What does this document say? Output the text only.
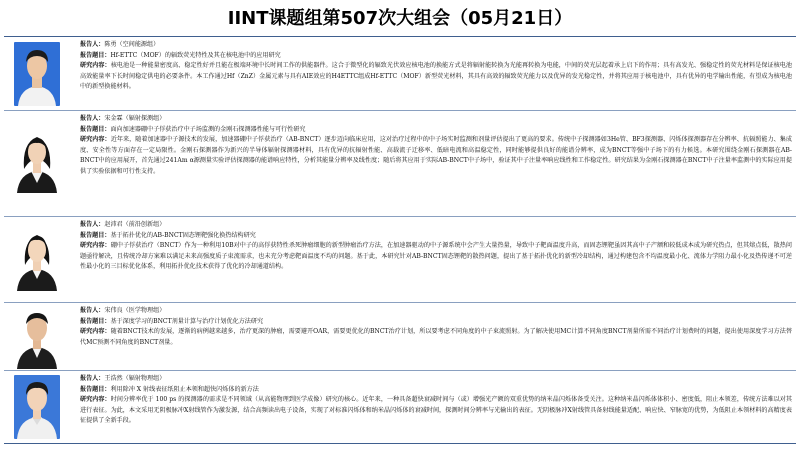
IINT课题组第507次大组会（05月21日）
报告人：陈勇（空间能源组）
报告题目：Hf-ETTC（MOF）的辐致荧光特性及其在核电池中的应用研究
研究内容：核电池是一种能量密度高、稳定性好并且能在极端环境中长时间工作的供能器件。这合于微型化的辐致光伏效应核电池的换能方式是将辐射能转换为光能再转换为电能，中间的荧光层起着承上启下的作用；具有高发光、强稳定性的荧光材料是保证核电池高效能量率下长时间稳定供电的必要条件。本工作通过Hf（ZnZ）金属元素与具有AIE效应的H4ETTC组成Hf-ETTC（MOF）新型荧光材料，其具有高效的辐致荧光能力以及优异的发光稳定性，并将其应用于核电池中，具有优异的电学输出性能，有望成为核电池中的新型换能材料。
报告人：宋金霖（辐射探测组）
报告题目：面向加速器硼中子俘获治疗中子场监测的金刚石探测器性能与可行性研究
研究内容：近年来，随着加速器中子源技术的发展，加速器硼中子俘获治疗（AB-BNCT）逐步迈向临床应用，这对治疗过程中的中子场实时监测和剂量评估提出了更高的要求。传统中子探测器如3He管、BF3探测器、闪烁体探测器存在分辨率、抗辐照能力、集成度、安全性等方面存在一定局限性。金刚石探测器作为新兴的半导体辐射探测器材料，具有优异的抗辐射性能、高载流子迁移率、低暗电流和高温稳定性，同时能够提供良好的能谱分辨率，成为BNCT等强中子场下的有力候选。本研究围绕金刚石探测器在AB-BNCT中的应用展开，首先通过241Am α源测量实验评估探测器的能谱响应特性，分析其能量分辨率及线性度；随后将其应用于实际AB-BNCT中子场中，验证其中子注量率响应线性和工作稳定性。研究结果为金刚石探测器在BNCT中子注量率监测中的实际应用提供了实验依据和可行性支持。
报告人：赵沛君（前沿创新组）
报告题目：基于拓扑优化的AB-BNCT固态锂靶强化换热结构研究
研究内容：硼中子俘获治疗（BNCT）作为一种利用10B对中子的高俘获特性杀死肿瘤细胞的新型肿瘤治疗方法，在加速器驱动的中子源系统中会产生大量热量，导致中子靶面温度升高，而固态锂靶虽因其高中子产额和较低成本成为研究热点，但其熔点低，散热问题亟待解决，且传统冷却方案难以满足未来高强度质子束流需求，也未充分考虑靶面温度不均的问题。基于此，本研究针对AB-BNCT固态锂靶的散热问题，提出了基于拓扑优化的新型冷却结构，通过构建包含不均温度最小化、流体力学阻力最小化及热传递不可逆性最小化的三目标优化体系，利用拓扑优化技术获得了优化的冷却通道结构。
报告人：宋伟良（医学物理组）
报告题目：基于深度学习的BNCT剂量计算与治疗计划优化方法研究
研究内容：随着BNCT技术的发展，逐渐的病例越来越多，治疗更深的肿瘤，需要避开OAR，需要更优化的BNCT治疗计划，所以要考虑不同角度的中子束流照射。为了解决使用MC计算不同角度BNCT剂量所需不同治疗计划费时的问题，提出使用深度学习方法替代MC预测不同角度的BNCT剂量。
报告人：王浩然（辐射物理组）
报告题目：利用除冲 X 射线表征纸阻止本领和超快闪烁体的新方法
研究内容：时间分辨率优于 100 ps 的探测器的需求是不同领域（从高能物理到医学成像）研究的核心。近年来，一种具备超快衰减时间与（或）增强光产额的双重优势的纳米晶闪烁体备受关注。这种纳米晶闪烁体体积小、密度低，阻止本领差，传统方法难以对其进行表征。为此，本文采用无阴极脉冲X射线管作为激发源，结合高频读出电子设备，实现了对标准闪烁体和纳米晶闪烁体的衰减时间，探测时间分辨率与光输出的表征。无阴极脉冲X射线管具备射线能量适配、响应快、窄脉宽的优势，为低阻止本领材料的高精度表征提供了全新手段。
